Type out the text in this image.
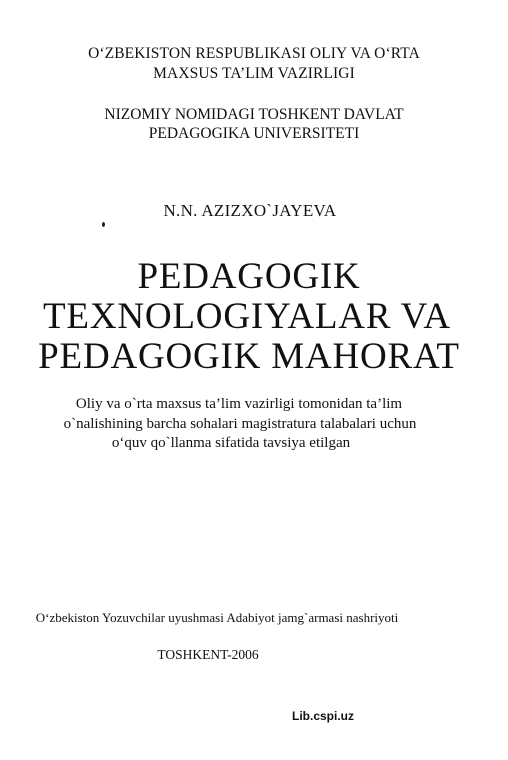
O‘ZBEKISTON RESPUBLIKASI OLIY VA O‘RTA
MAXSUS TA’LIM VAZIRLIGI
NIZOMIY NOMIDAGI TOSHKENT DAVLAT
PEDAGOGIKA UNIVERSITETI
N.N. AZIZXO`JAYEVA
PEDAGOGIK
TEXNOLOGIYALAR VA
PEDAGOGIK MAHORAT
Oliy va o`rta maxsus ta’lim vazirligi tomonidan ta’lim
o`nalishining barcha sohalari magistratura talabalari uchun
o‘quv qo`llanma sifatida tavsiya etilgan
O‘zbekiston Yozuvchilar uyushmasi Adabiyot jamg`armasi nashriyoti
TOSHKENT-2006
Lib.cspi.uz
